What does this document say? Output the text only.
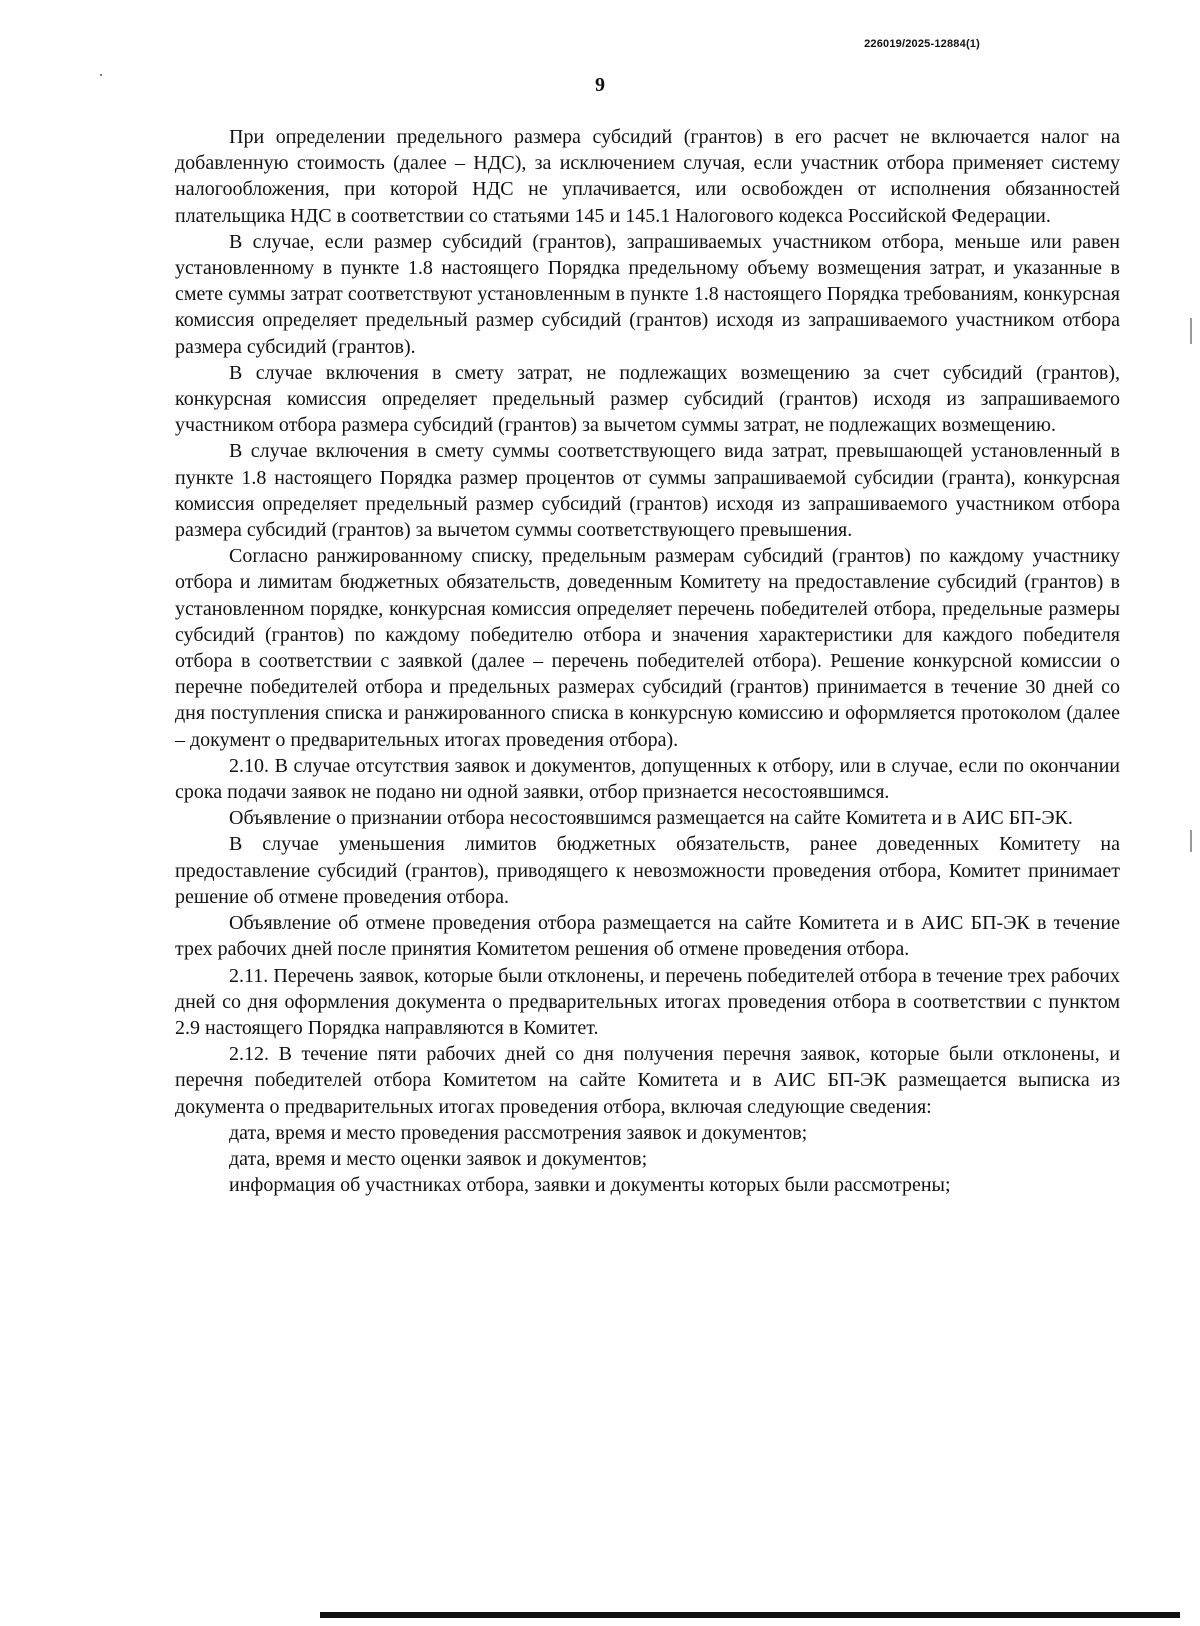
226019/2025-12884(1)
9

При определении предельного размера субсидий (грантов) в его расчет не включается налог на добавленную стоимость (далее – НДС), за исключением случая, если участник отбора применяет систему налогообложения, при которой НДС не уплачивается, или освобожден от исполнения обязанностей плательщика НДС в соответствии со статьями 145 и 145.1 Налогового кодекса Российской Федерации.

В случае, если размер субсидий (грантов), запрашиваемых участником отбора, меньше или равен установленному в пункте 1.8 настоящего Порядка предельному объему возмещения затрат, и указанные в смете суммы затрат соответствуют установленным в пункте 1.8 настоящего Порядка требованиям, конкурсная комиссия определяет предельный размер субсидий (грантов) исходя из запрашиваемого участником отбора размера субсидий (грантов).

В случае включения в смету затрат, не подлежащих возмещению за счет субсидий (грантов), конкурсная комиссия определяет предельный размер субсидий (грантов) исходя из запрашиваемого участником отбора размера субсидий (грантов) за вычетом суммы затрат, не подлежащих возмещению.

В случае включения в смету суммы соответствующего вида затрат, превышающей установленный в пункте 1.8 настоящего Порядка размер процентов от суммы запрашиваемой субсидии (гранта), конкурсная комиссия определяет предельный размер субсидий (грантов) исходя из запрашиваемого участником отбора размера субсидий (грантов) за вычетом суммы соответствующего превышения.

Согласно ранжированному списку, предельным размерам субсидий (грантов) по каждому участнику отбора и лимитам бюджетных обязательств, доведенным Комитету на предоставление субсидий (грантов) в установленном порядке, конкурсная комиссия определяет перечень победителей отбора, предельные размеры субсидий (грантов) по каждому победителю отбора и значения характеристики для каждого победителя отбора в соответствии с заявкой (далее – перечень победителей отбора). Решение конкурсной комиссии о перечне победителей отбора и предельных размерах субсидий (грантов) принимается в течение 30 дней со дня поступления списка и ранжированного списка в конкурсную комиссию и оформляется протоколом (далее – документ о предварительных итогах проведения отбора).

2.10. В случае отсутствия заявок и документов, допущенных к отбору, или в случае, если по окончании срока подачи заявок не подано ни одной заявки, отбор признается несостоявшимся.

Объявление о признании отбора несостоявшимся размещается на сайте Комитета и в АИС БП-ЭК.

В случае уменьшения лимитов бюджетных обязательств, ранее доведенных Комитету на предоставление субсидий (грантов), приводящего к невозможности проведения отбора, Комитет принимает решение об отмене проведения отбора.

Объявление об отмене проведения отбора размещается на сайте Комитета и в АИС БП-ЭК в течение трех рабочих дней после принятия Комитетом решения об отмене проведения отбора.

2.11. Перечень заявок, которые были отклонены, и перечень победителей отбора в течение трех рабочих дней со дня оформления документа о предварительных итогах проведения отбора в соответствии с пунктом 2.9 настоящего Порядка направляются в Комитет.

2.12. В течение пяти рабочих дней со дня получения перечня заявок, которые были отклонены, и перечня победителей отбора Комитетом на сайте Комитета и в АИС БП-ЭК размещается выписка из документа о предварительных итогах проведения отбора, включая следующие сведения:

дата, время и место проведения рассмотрения заявок и документов;

дата, время и место оценки заявок и документов;

информация об участниках отбора, заявки и документы которых были рассмотрены;
